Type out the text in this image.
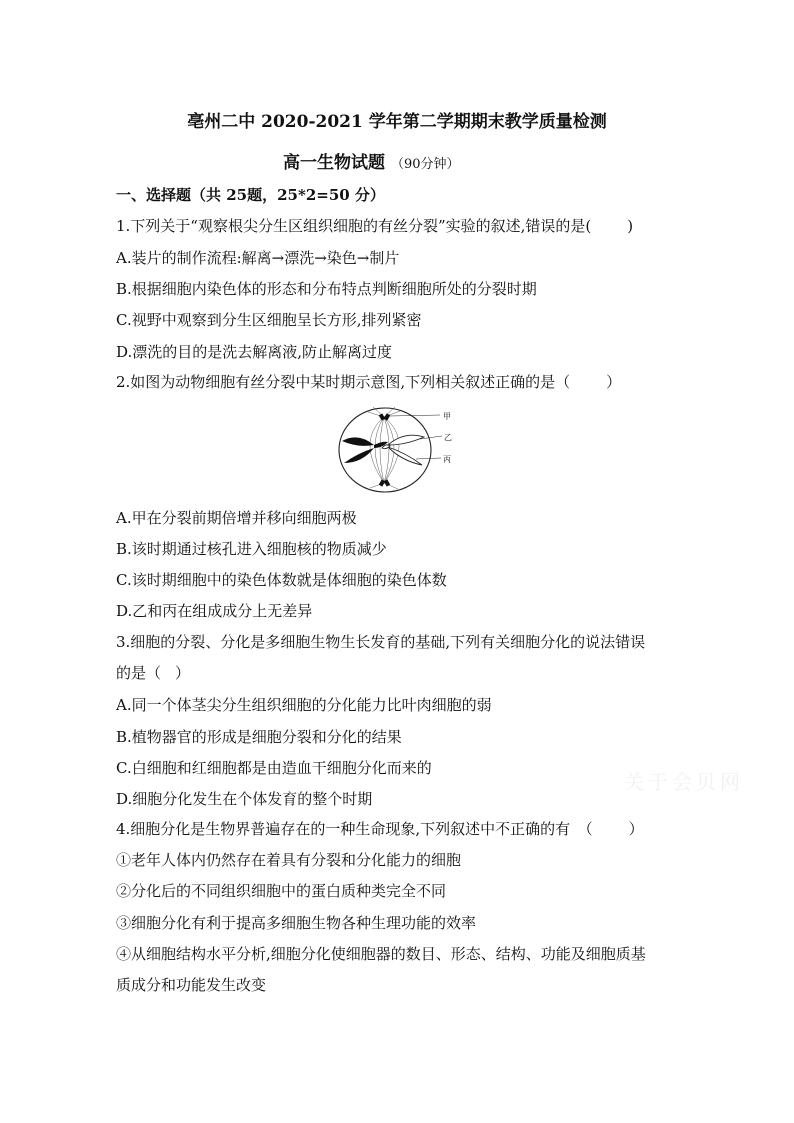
亳州二中 2020-2021 学年第二学期期末教学质量检测
高一生物试题 （90分钟）
一、选择题（共 25题，25*2=50 分）
1.下列关于“观察根尖分生区组织细胞的有丝分裂”实验的叙述,错误的是( )
A.装片的制作流程:解离→漂洗→染色→制片
B.根据细胞内染色体的形态和分布特点判断细胞所处的分裂时期
C.视野中观察到分生区细胞呈长方形,排列紧密
D.漂洗的目的是洗去解离液,防止解离过度
2.如图为动物细胞有丝分裂中某时期示意图,下列相关叙述正确的是（ ）
甲
乙
丙
A.甲在分裂前期倍增并移向细胞两极
B.该时期通过核孔进入细胞核的物质减少
C.该时期细胞中的染色体数就是体细胞的染色体数
D.乙和丙在组成成分上无差异
3.细胞的分裂、分化是多细胞生物生长发育的基础,下列有关细胞分化的说法错误
的是（ ）
A.同一个体茎尖分生组织细胞的分化能力比叶肉细胞的弱
B.植物器官的形成是细胞分裂和分化的结果
C.白细胞和红细胞都是由造血干细胞分化而来的
D.细胞分化发生在个体发育的整个时期
4.细胞分化是生物界普遍存在的一种生命现象,下列叙述中不正确的有　（ ）
①老年人体内仍然存在着具有分裂和分化能力的细胞
②分化后的不同组织细胞中的蛋白质种类完全不同
③细胞分化有利于提高多细胞生物各种生理功能的效率
④从细胞结构水平分析,细胞分化使细胞器的数目、形态、结构、功能及细胞质基
质成分和功能发生改变
关于会贝网
